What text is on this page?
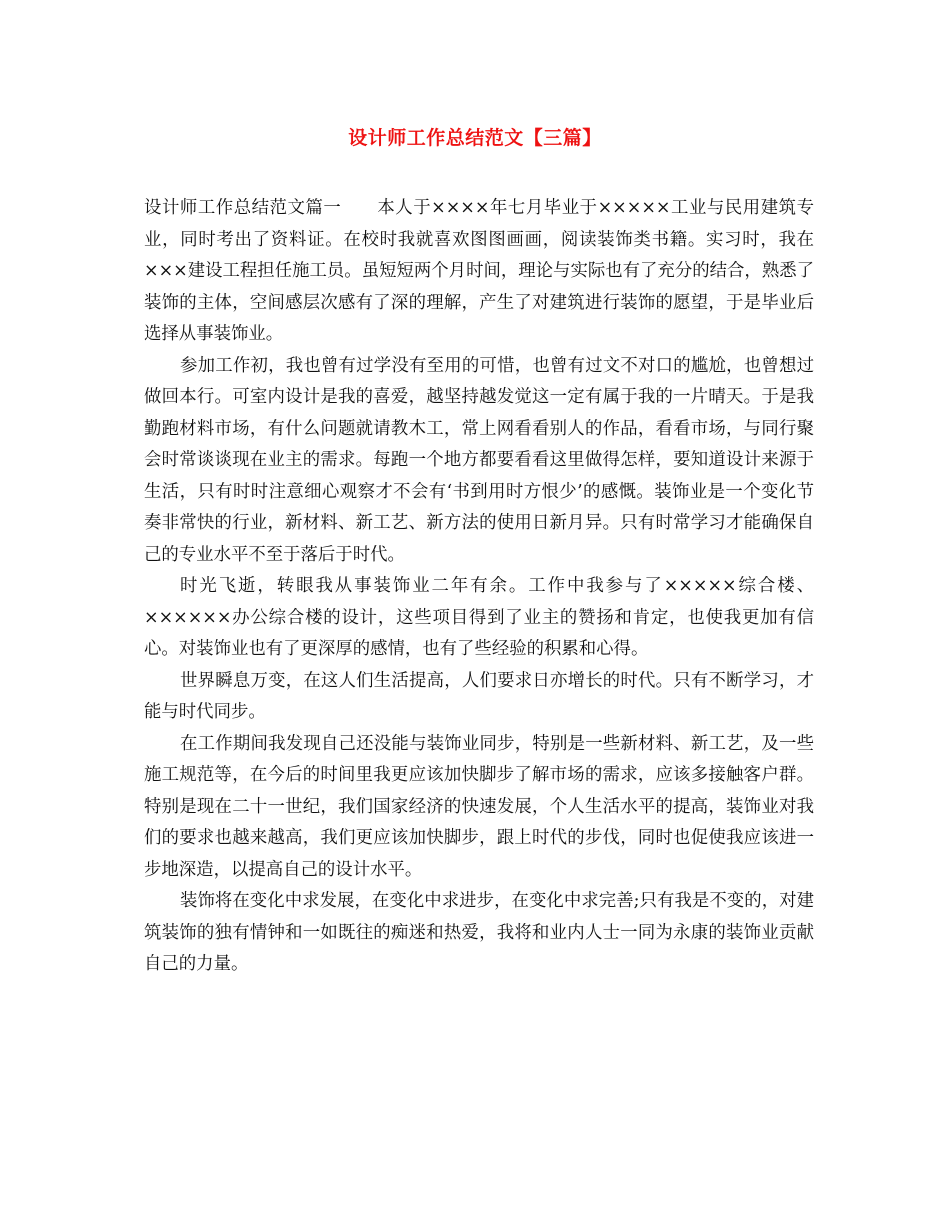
设计师工作总结范文【三篇】

设计师工作总结范文篇一 本人于××××年七月毕业于×××××工业与民用建筑专业，同时考出了资料证。在校时我就喜欢图图画画，阅读装饰类书籍。实习时，我在×××建设工程担任施工员。虽短短两个月时间，理论与实际也有了充分的结合，熟悉了装饰的主体，空间感层次感有了深的理解，产生了对建筑进行装饰的愿望，于是毕业后选择从事装饰业。

参加工作初，我也曾有过学没有至用的可惜，也曾有过文不对口的尴尬，也曾想过做回本行。可室内设计是我的喜爱，越坚持越发觉这一定有属于我的一片晴天。于是我勤跑材料市场，有什么问题就请教木工，常上网看看别人的作品，看看市场，与同行聚会时常谈谈现在业主的需求。每跑一个地方都要看看这里做得怎样，要知道设计来源于生活，只有时时注意细心观察才不会有‘书到用时方恨少’的感慨。装饰业是一个变化节奏非常快的行业，新材料、新工艺、新方法的使用日新月异。只有时常学习才能确保自己的专业水平不至于落后于时代。

时光飞逝，转眼我从事装饰业二年有余。工作中我参与了×××××综合楼、××××××办公综合楼的设计，这些项目得到了业主的赞扬和肯定，也使我更加有信心。对装饰业也有了更深厚的感情，也有了些经验的积累和心得。

世界瞬息万变，在这人们生活提高，人们要求日亦增长的时代。只有不断学习，才能与时代同步。

在工作期间我发现自己还没能与装饰业同步，特别是一些新材料、新工艺，及一些施工规范等，在今后的时间里我更应该加快脚步了解市场的需求，应该多接触客户群。特别是现在二十一世纪，我们国家经济的快速发展，个人生活水平的提高，装饰业对我们的要求也越来越高，我们更应该加快脚步，跟上时代的步伐，同时也促使我应该进一步地深造，以提高自己的设计水平。

装饰将在变化中求发展，在变化中求进步，在变化中求完善;只有我是不变的，对建筑装饰的独有情钟和一如既往的痴迷和热爱，我将和业内人士一同为永康的装饰业贡献自己的力量。
